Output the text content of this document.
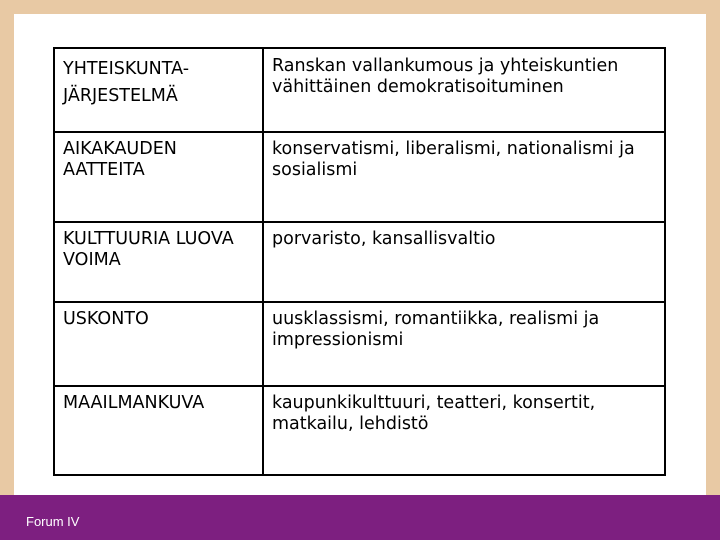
YHTEISKUNTA-JÄRJESTELMÄ	Ranskan vallankumous ja yhteiskuntien vähittäinen demokratisoituminen
AIKAKAUDEN AATTEITA	konservatismi, liberalismi, nationalismi ja sosialismi
KULTTUURIA LUOVA VOIMA	porvaristo, kansallisvaltio
USKONTO	uusklassismi, romantiikka, realismi ja impressionismi
MAAILMANKUVA	kaupunkikulttuuri, teatteri, konsertit, matkailu, lehdistö
Forum IV
